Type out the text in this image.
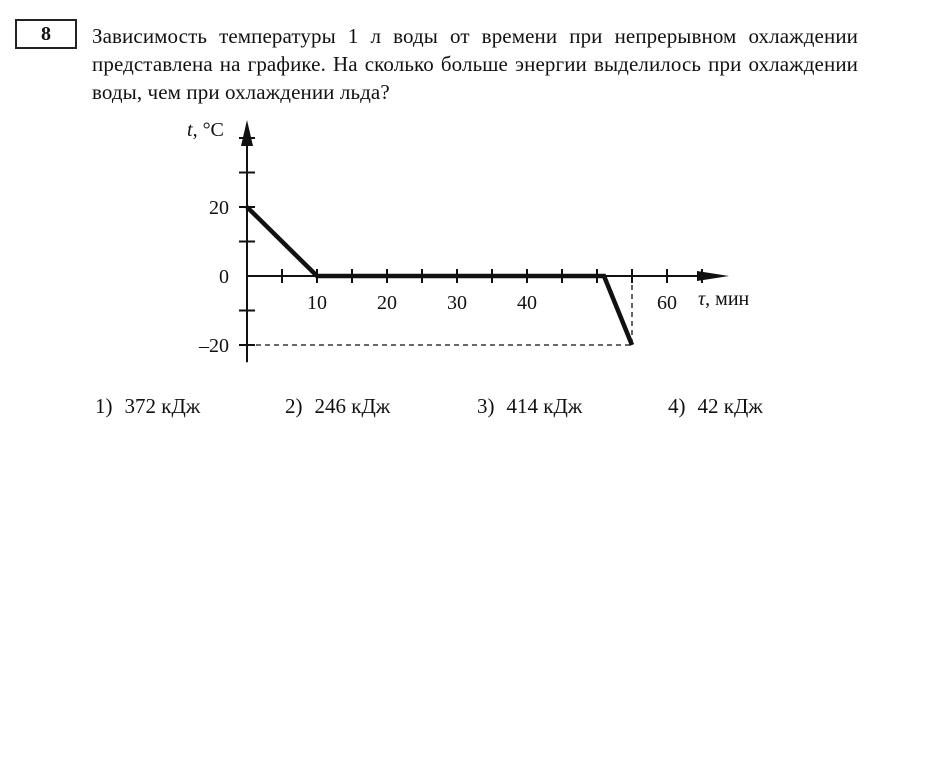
8 Зависимость температуры 1 л воды от времени при непрерывном охлаждении представлена на графике. На сколько больше энергии выделилось при охлаждении воды, чем при охлаждении льда?

10	20	30	40	60
20
0
–20
t, °C
τ, мин
1) 372 кДж	2) 246 кДж	3) 414 кДж	4) 42 кДж
